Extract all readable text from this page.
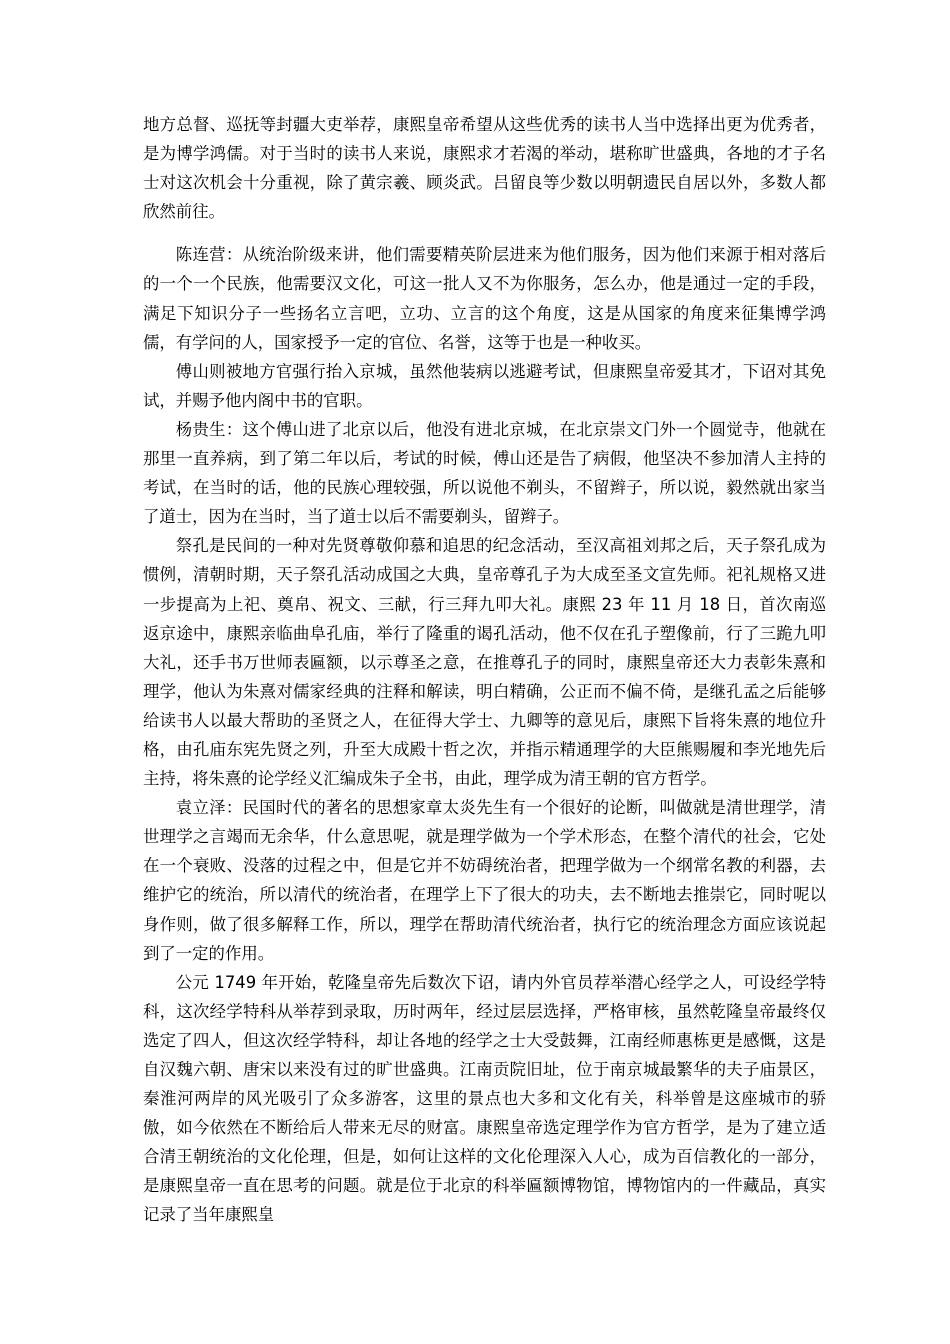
地方总督、巡抚等封疆大吏举荐，康熙皇帝希望从这些优秀的读书人当中选择出更为优秀者，是为博学鸿儒。对于当时的读书人来说，康熙求才若渴的举动，堪称旷世盛典，各地的才子名士对这次机会十分重视，除了黄宗羲、顾炎武。吕留良等少数以明朝遗民自居以外，多数人都欣然前往。

陈连营：从统治阶级来讲，他们需要精英阶层进来为他们服务，因为他们来源于相对落后的一个一个民族，他需要汉文化，可这一批人又不为你服务，怎么办，他是通过一定的手段，满足下知识分子一些扬名立言吧，立功、立言的这个角度，这是从国家的角度来征集博学鸿儒，有学问的人，国家授予一定的官位、名誉，这等于也是一种收买。

傅山则被地方官强行抬入京城，虽然他装病以逃避考试，但康熙皇帝爱其才，下诏对其免试，并赐予他内阁中书的官职。

杨贵生：这个傅山进了北京以后，他没有进北京城，在北京崇文门外一个圆觉寺，他就在那里一直养病，到了第二年以后，考试的时候，傅山还是告了病假，他坚决不参加清人主持的考试，在当时的话，他的民族心理较强，所以说他不剃头，不留辫子，所以说，毅然就出家当了道士，因为在当时，当了道士以后不需要剃头，留辫子。

祭孔是民间的一种对先贤尊敬仰慕和追思的纪念活动，至汉高祖刘邦之后，天子祭孔成为惯例，清朝时期，天子祭孔活动成国之大典，皇帝尊孔子为大成至圣文宣先师。祀礼规格又进一步提高为上祀、奠帛、祝文、三献，行三拜九叩大礼。康熙 23 年 11 月 18 日，首次南巡返京途中，康熙亲临曲阜孔庙，举行了隆重的谒孔活动，他不仅在孔子塑像前，行了三跪九叩大礼，还手书万世师表匾额，以示尊圣之意，在推尊孔子的同时，康熙皇帝还大力表彰朱熹和理学，他认为朱熹对儒家经典的注释和解读，明白精确，公正而不偏不倚，是继孔孟之后能够给读书人以最大帮助的圣贤之人，在征得大学士、九卿等的意见后，康熙下旨将朱熹的地位升格，由孔庙东宪先贤之列，升至大成殿十哲之次，并指示精通理学的大臣熊赐履和李光地先后主持，将朱熹的论学经义汇编成朱子全书，由此，理学成为清王朝的官方哲学。

袁立泽：民国时代的著名的思想家章太炎先生有一个很好的论断，叫做就是清世理学，清世理学之言竭而无余华，什么意思呢，就是理学做为一个学术形态，在整个清代的社会，它处在一个衰败、没落的过程之中，但是它并不妨碍统治者，把理学做为一个纲常名教的利器，去维护它的统治，所以清代的统治者，在理学上下了很大的功夫，去不断地去推崇它，同时呢以身作则，做了很多解释工作，所以，理学在帮助清代统治者，执行它的统治理念方面应该说起到了一定的作用。

公元 1749 年开始，乾隆皇帝先后数次下诏，请内外官员荐举潜心经学之人，可设经学特科，这次经学特科从举荐到录取，历时两年，经过层层选择，严格审核，虽然乾隆皇帝最终仅选定了四人，但这次经学特科，却让各地的经学之士大受鼓舞，江南经师惠栋更是感慨，这是自汉魏六朝、唐宋以来没有过的旷世盛典。江南贡院旧址，位于南京城最繁华的夫子庙景区，秦淮河两岸的风光吸引了众多游客，这里的景点也大多和文化有关，科举曾是这座城市的骄傲，如今依然在不断给后人带来无尽的财富。康熙皇帝选定理学作为官方哲学，是为了建立适合清王朝统治的文化伦理，但是，如何让这样的文化伦理深入人心，成为百信教化的一部分，是康熙皇帝一直在思考的问题。就是位于北京的科举匾额博物馆，博物馆内的一件藏品，真实记录了当年康熙皇
